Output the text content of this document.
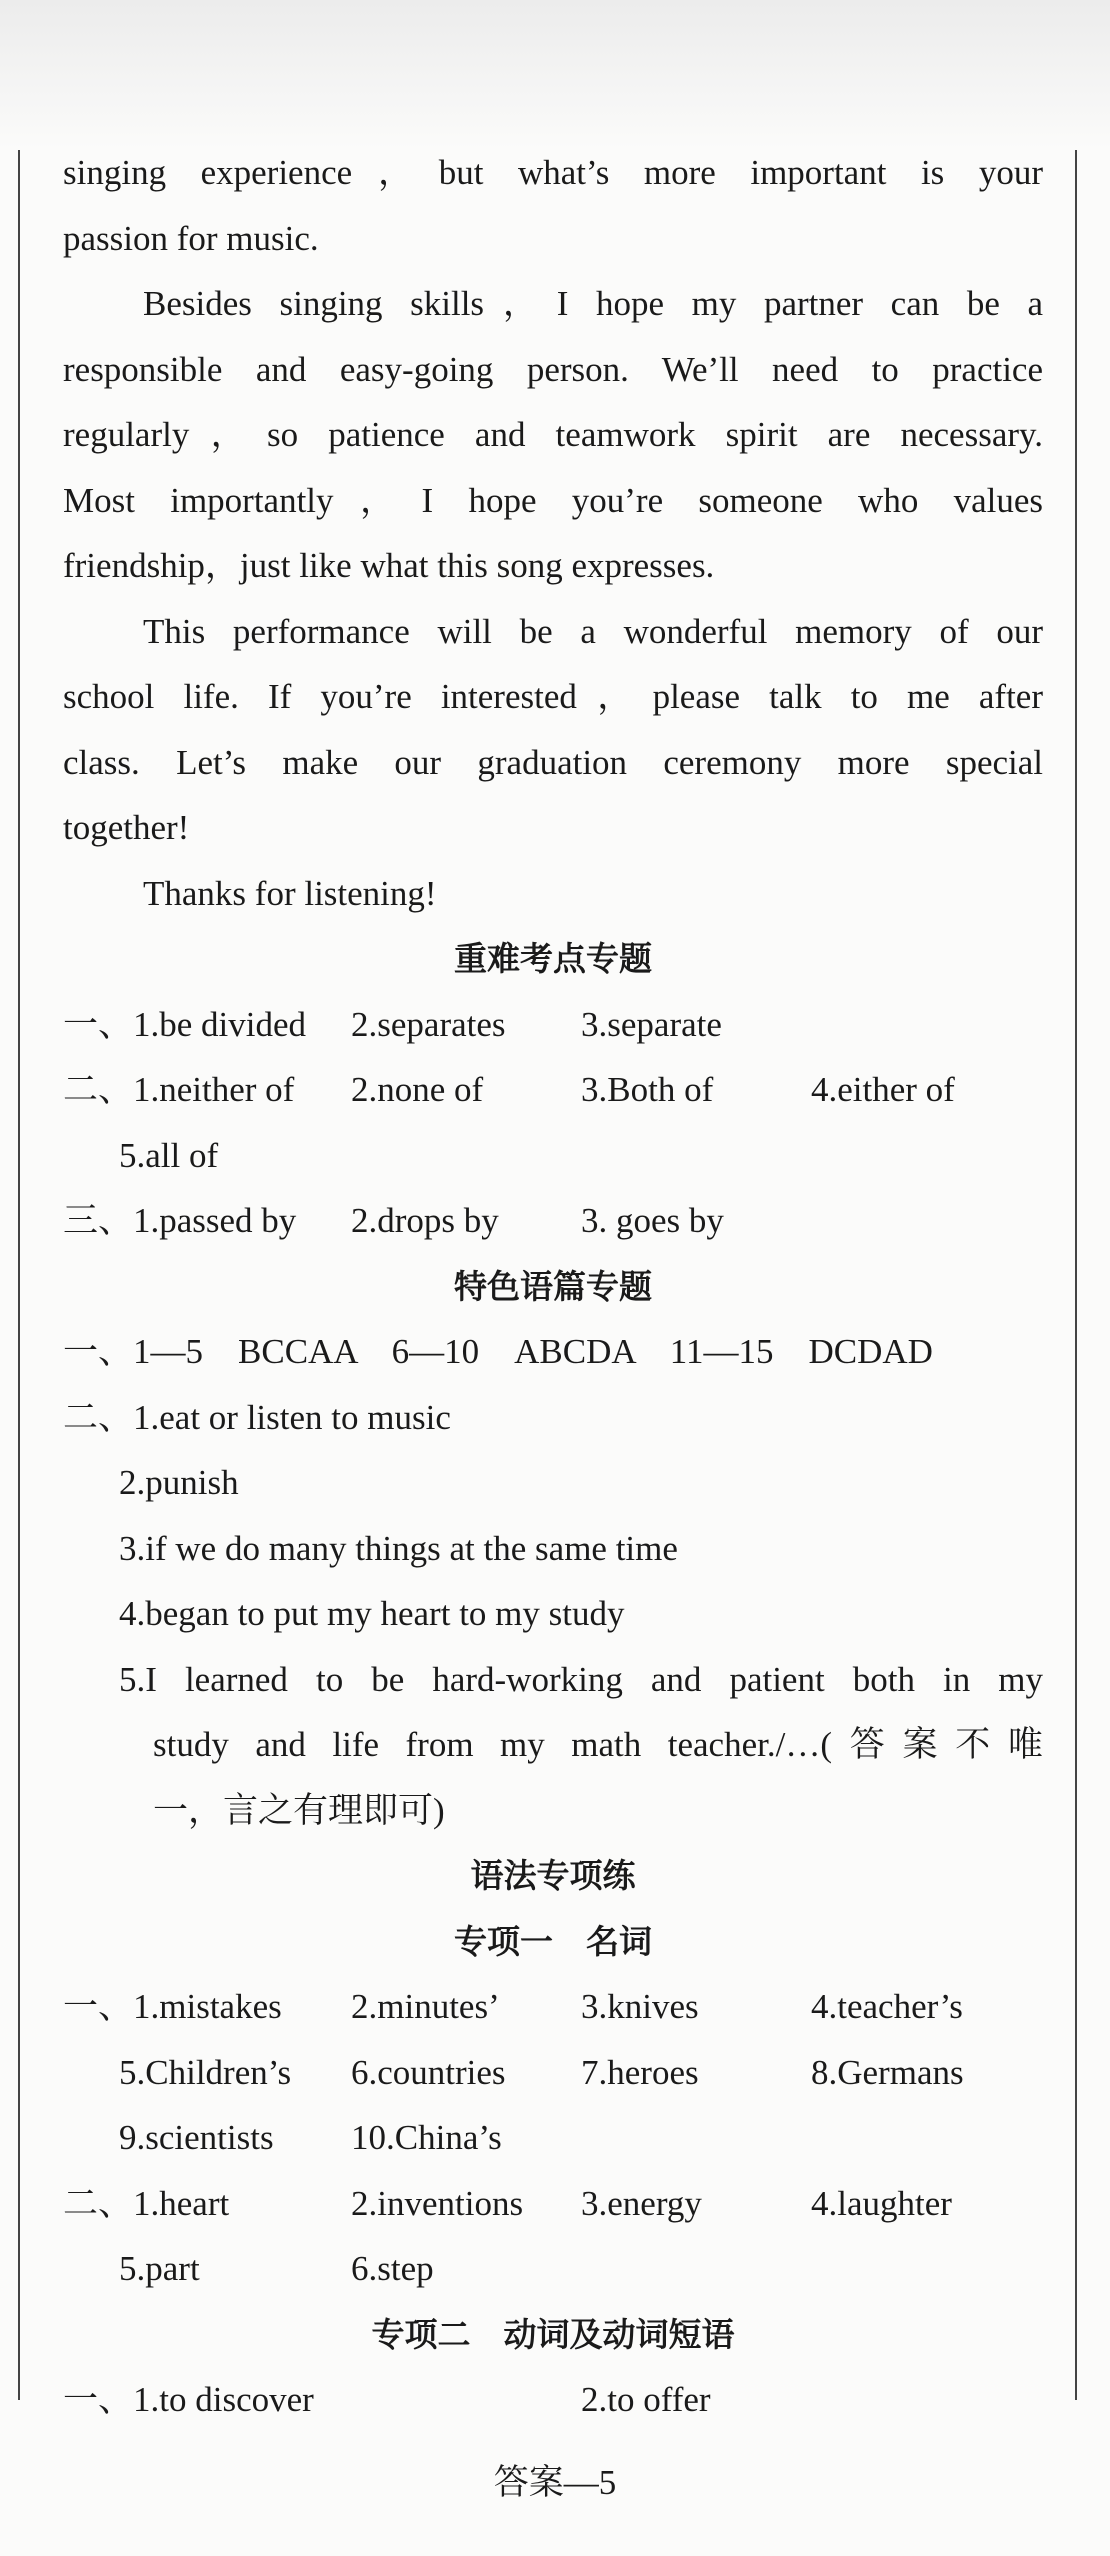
singing experience，but what’s more important is your
passion for music.
Besides singing skills，I hope my partner can be a
responsible and easy-going person. We’ll need to practice
regularly，so patience and teamwork spirit are necessary.
Most importantly，I hope you’re someone who values
friendship，just like what this song expresses.
This performance will be a wonderful memory of our
school life. If you’re interested，please talk to me after
class. Let’s make our graduation ceremony more special
together!
Thanks for listening!
重难考点专题
一、1.be divided 2.separates 3.separate
二、1.neither of 2.none of	3.Both of	4.either of
5.all of
三、1.passed by 2.drops by 3. goes by
特色语篇专题
一、1—5　BCCAA　6—10　ABCDA　11—15　DCDAD
二、1.eat or listen to music
2.punish
3.if we do many things at the same time
4.began to put my heart to my study
5.I learned to be hard-working and patient both in my
study and life from my math teacher./…(答案不唯
一，言之有理即可)
语法专项练
专项一　名词
一、1.mistakes 2.minutes’ 3.knives	4.teacher’s
5.Children’s 6.countries 7.heroes	8.Germans
9.scientists 10.China’s
二、1.heart	2.inventions 3.energy	4.laughter
5.part	6.step
专项二　动词及动词短语
一、1.to discover	2.to offer
答案—5
